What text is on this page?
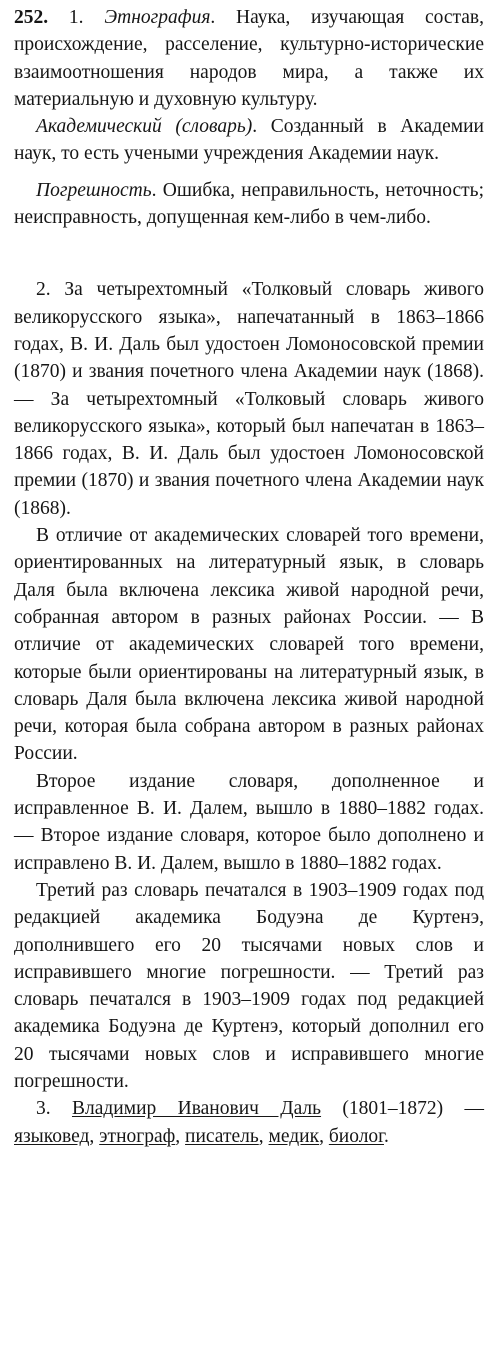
252. 1. Этнография. Наука, изучающая состав, происхождение, расселение, культурно-исторические взаимоотношения народов мира, а также их материальную и духовную культуру.

Академический (словарь). Созданный в Академии наук, то есть учеными учреждения Академии наук.

Погрешность. Ошибка, неправильность, неточность; неисправность, допущенная кем-либо в чем-либо.

2. За четырехтомный «Толковый словарь живого великорусского языка», напечатанный в 1863–1866 годах, В. И. Даль был удостоен Ломоносовской премии (1870) и звания почетного члена Академии наук (1868). — За четырехтомный «Толковый словарь живого великорусского языка», который был напечатан в 1863–1866 годах, В. И. Даль был удостоен Ломоносовской премии (1870) и звания почетного члена Академии наук (1868).

В отличие от академических словарей того времени, ориентированных на литературный язык, в словарь Даля была включена лексика живой народной речи, собранная автором в разных районах России. — В отличие от академических словарей того времени, которые были ориентированы на литературный язык, в словарь Даля была включена лексика живой народной речи, которая была собрана автором в разных районах России.

Второе издание словаря, дополненное и исправленное В. И. Далем, вышло в 1880–1882 годах. — Второе издание словаря, которое было дополнено и исправлено В. И. Далем, вышло в 1880–1882 годах.

Третий раз словарь печатался в 1903–1909 годах под редакцией академика Бодуэна де Куртенэ, дополнившего его 20 тысячами новых слов и исправившего многие погрешности. — Третий раз словарь печатался в 1903–1909 годах под редакцией академика Бодуэна де Куртенэ, который дополнил его 20 тысячами новых слов и исправившего многие погрешности.

3. Владимир Иванович Даль (1801–1872) — языковед, этнограф, писатель, медик, биолог.
